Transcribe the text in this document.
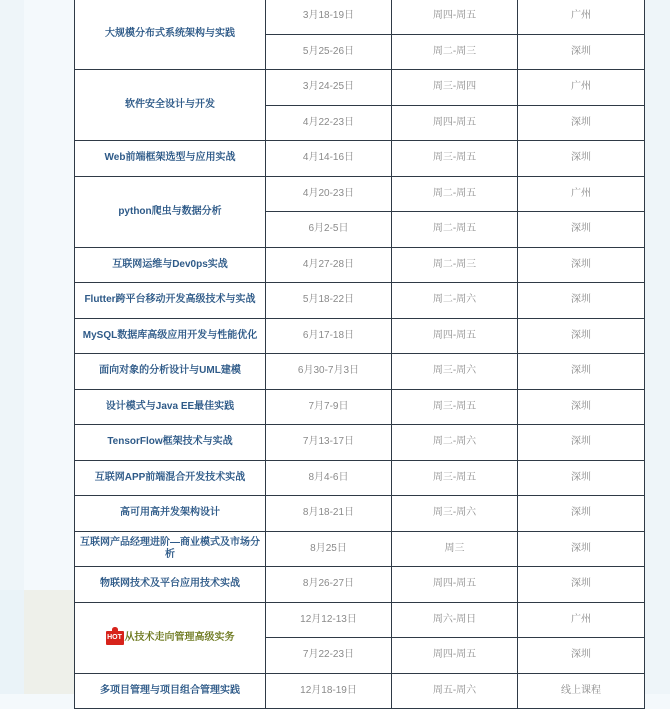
大规模分布式系统架构与实践	3月18-19日	周四-周五	广州
	5月25-26日	周二-周三	深圳
软件安全设计与开发	3月24-25日	周三-周四	广州
	4月22-23日	周四-周五	深圳
Web前端框架选型与应用实战	4月14-16日	周三-周五	深圳
python爬虫与数据分析	4月20-23日	周二-周五	广州
	6月2-5日	周二-周五	深圳
互联网运维与Dev0ps实战	4月27-28日	周二-周三	深圳
Flutter跨平台移动开发高级技术与实战	5月18-22日	周二-周六	深圳
MySQL数据库高级应用开发与性能优化	6月17-18日	周四-周五	深圳
面向对象的分析设计与UML建模	6月30-7月3日	周三-周六	深圳
设计模式与Java EE最佳实践	7月7-9日	周三-周五	深圳
TensorFlow框架技术与实战	7月13-17日	周二-周六	深圳
互联网APP前端混合开发技术实战	8月4-6日	周三-周五	深圳
高可用高并发架构设计	8月18-21日	周三-周六	深圳
互联网产品经理进阶—商业模式及市场分析	8月25日	周三	深圳
物联网技术及平台应用技术实战	8月26-27日	周四-周五	深圳
HOT 从技术走向管理高级实务	12月12-13日	周六-周日	广州
	7月22-23日	周四-周五	深圳
多项目管理与项目组合管理实践	12月18-19日	周五-周六	线上课程
